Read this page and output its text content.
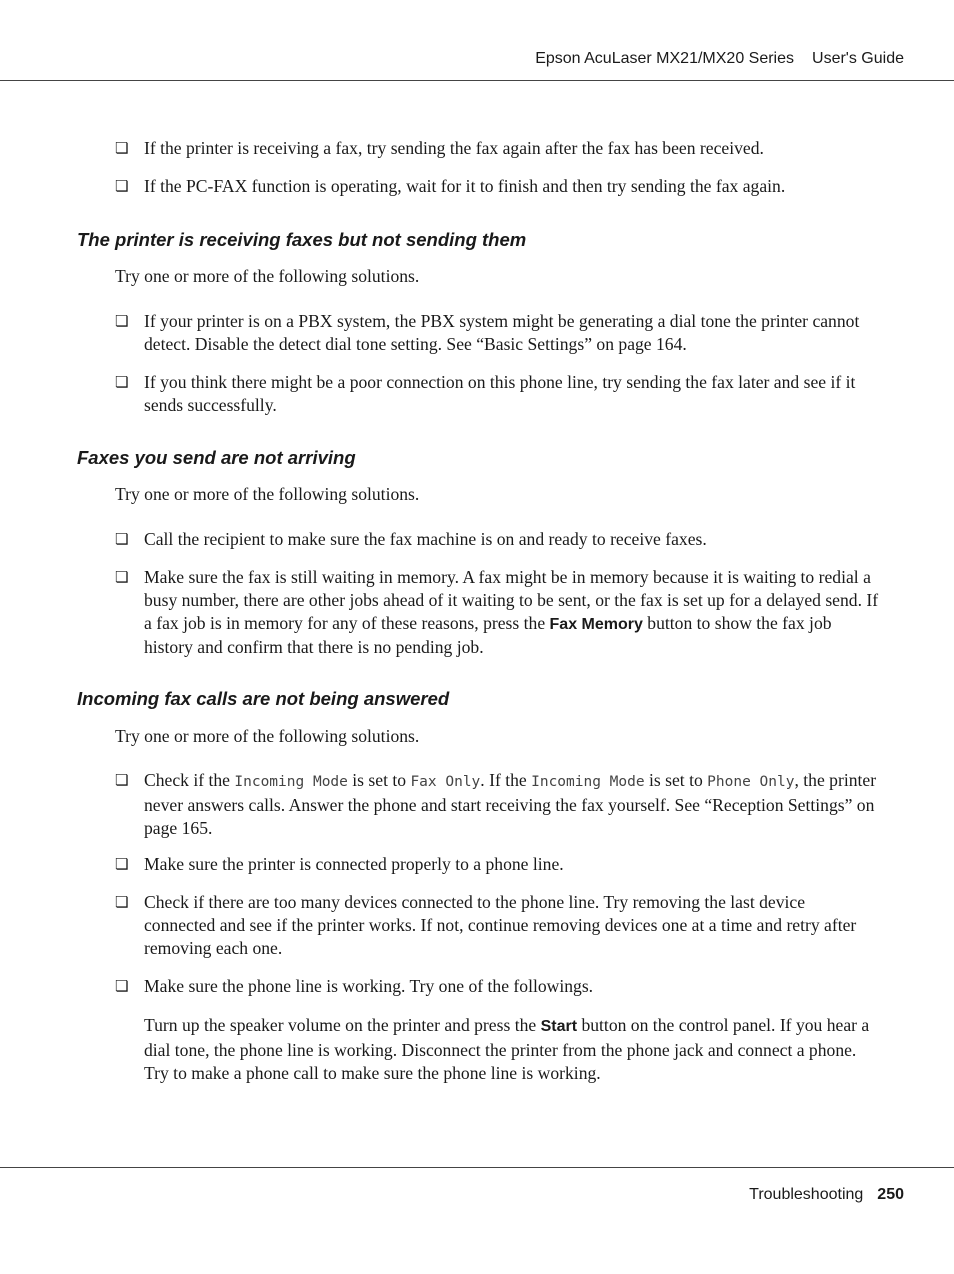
Epson AcuLaser MX21/MX20 Series User's Guide
❏ If the printer is receiving a fax, try sending the fax again after the fax has been received.
❏ If the PC-FAX function is operating, wait for it to finish and then try sending the fax again.
The printer is receiving faxes but not sending them
Try one or more of the following solutions.
❏ If your printer is on a PBX system, the PBX system might be generating a dial tone the printer cannot detect. Disable the detect dial tone setting. See “Basic Settings” on page 164.
❏ If you think there might be a poor connection on this phone line, try sending the fax later and see if it sends successfully.
Faxes you send are not arriving
Try one or more of the following solutions.
❏ Call the recipient to make sure the fax machine is on and ready to receive faxes.
❏ Make sure the fax is still waiting in memory. A fax might be in memory because it is waiting to redial a busy number, there are other jobs ahead of it waiting to be sent, or the fax is set up for a delayed send. If a fax job is in memory for any of these reasons, press the Fax Memory button to show the fax job history and confirm that there is no pending job.
Incoming fax calls are not being answered
Try one or more of the following solutions.
❏ Check if the Incoming Mode is set to Fax Only. If the Incoming Mode is set to Phone Only, the printer never answers calls. Answer the phone and start receiving the fax yourself. See “Reception Settings” on page 165.
❏ Make sure the printer is connected properly to a phone line.
❏ Check if there are too many devices connected to the phone line. Try removing the last device connected and see if the printer works. If not, continue removing devices one at a time and retry after removing each one.
❏ Make sure the phone line is working. Try one of the followings.
Turn up the speaker volume on the printer and press the Start button on the control panel. If you hear a dial tone, the phone line is working. Disconnect the printer from the phone jack and connect a phone. Try to make a phone call to make sure the phone line is working.
Troubleshooting 250
